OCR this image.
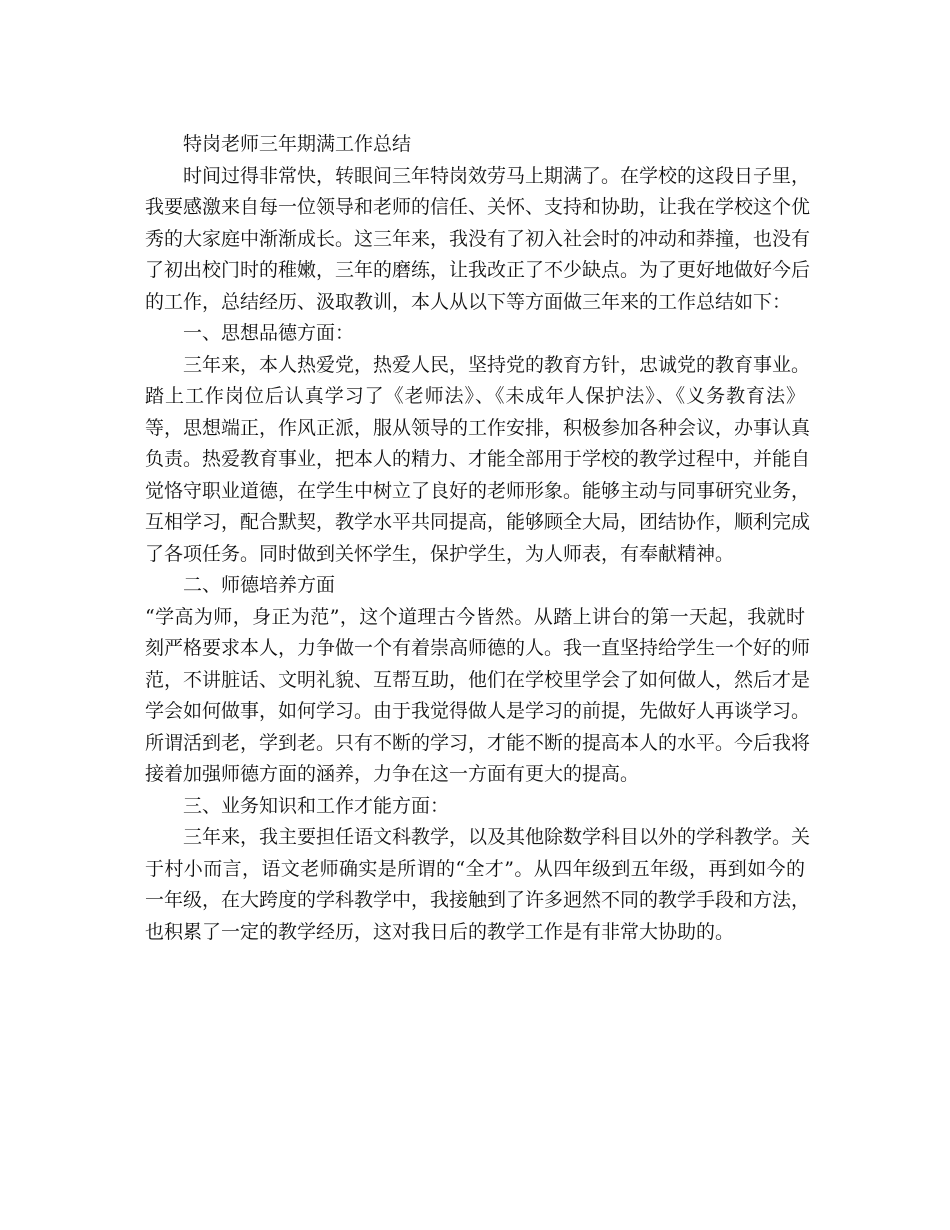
特岗老师三年期满工作总结
时间过得非常快，转眼间三年特岗效劳马上期满了。在学校的这段日子里，
我要感激来自每一位领导和老师的信任、关怀、支持和协助，让我在学校这个优
秀的大家庭中渐渐成长。这三年来，我没有了初入社会时的冲动和莽撞，也没有
了初出校门时的稚嫩，三年的磨练，让我改正了不少缺点。为了更好地做好今后
的工作，总结经历、汲取教训，本人从以下等方面做三年来的工作总结如下：
一、思想品德方面：
三年来，本人热爱党，热爱人民，坚持党的教育方针，忠诚党的教育事业。
踏上工作岗位后认真学习了《老师法》、《未成年人保护法》、《义务教育法》
等，思想端正，作风正派，服从领导的工作安排，积极参加各种会议，办事认真
负责。热爱教育事业，把本人的精力、才能全部用于学校的教学过程中，并能自
觉恪守职业道德，在学生中树立了良好的老师形象。能够主动与同事研究业务，
互相学习，配合默契，教学水平共同提高，能够顾全大局，团结协作，顺利完成
了各项任务。同时做到关怀学生，保护学生，为人师表，有奉献精神。
二、师德培养方面
“学高为师，身正为范”，这个道理古今皆然。从踏上讲台的第一天起，我就时
刻严格要求本人，力争做一个有着崇高师德的人。我一直坚持给学生一个好的师
范，不讲脏话、文明礼貌、互帮互助，他们在学校里学会了如何做人，然后才是
学会如何做事，如何学习。由于我觉得做人是学习的前提，先做好人再谈学习。
所谓活到老，学到老。只有不断的学习，才能不断的提高本人的水平。今后我将
接着加强师德方面的涵养，力争在这一方面有更大的提高。
三、业务知识和工作才能方面：
三年来，我主要担任语文科教学，以及其他除数学科目以外的学科教学。关
于村小而言，语文老师确实是所谓的“全才”。从四年级到五年级，再到如今的
一年级，在大跨度的学科教学中，我接触到了许多迥然不同的教学手段和方法，
也积累了一定的教学经历，这对我日后的教学工作是有非常大协助的。
